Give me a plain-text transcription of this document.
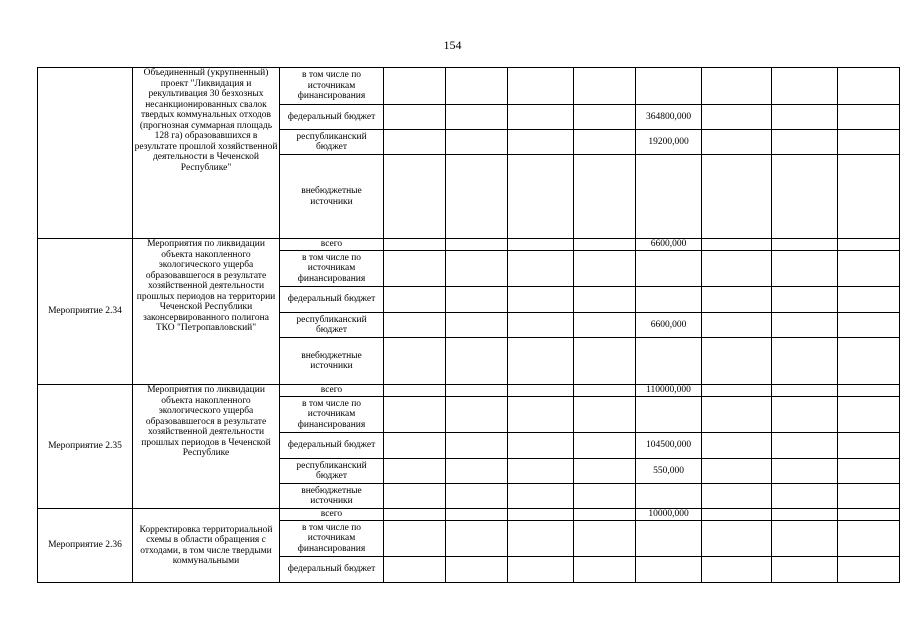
154
	Объединенный (укрупненный) проект "Ликвидация и рекультивация 30 безхозных несанкционированных свалок твердых коммунальных отходов (прогнозная суммарная площадь 128 га) образовавшихся в результате прошлой хозяйственной деятельности в Чеченской Республике"	в том числе по источникам финансирования								
		федеральный бюджет					364800,000			
		республиканский бюджет					19200,000			
		внебюджетные источники								
Мероприятие 2.34	Мероприятия по ликвидации объекта накопленного экологического ущерба образовавшегося в результате хозяйственной деятельности прошлых периодов на территории Чеченской Республики законсервированного полигона ТКО "Петропавловский"	всего					6600,000			
		в том числе по источникам финансирования								
		федеральный бюджет								
		республиканский бюджет					6600,000			
		внебюджетные источники								
Мероприятие 2.35	Мероприятия по ликвидации объекта накопленного экологического ущерба образовавшегося в результате хозяйственной деятельности прошлых периодов в Чеченской Республике	всего					110000,000			
		в том числе по источникам финансирования								
		федеральный бюджет					104500,000			
		республиканский бюджет					550,000			
		внебюджетные источники								
Мероприятие 2.36	Корректировка территориальной схемы в области обращения с отходами, в том числе твердыми коммунальными	всего					10000,000			
		в том числе по источникам финансирования								
		федеральный бюджет								
